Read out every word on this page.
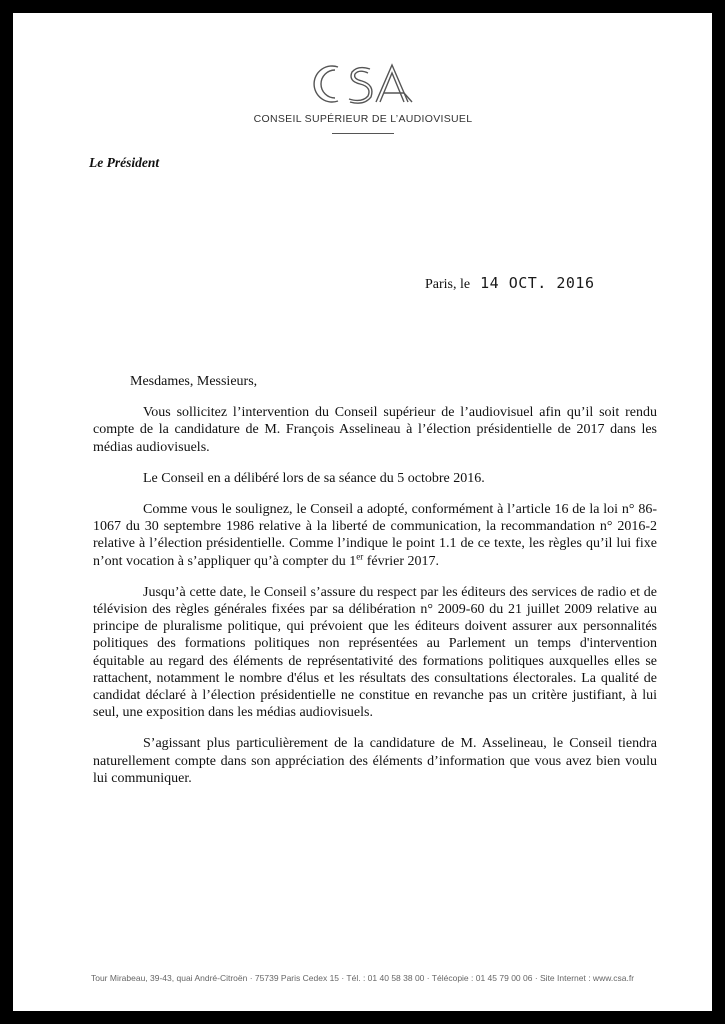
CONSEIL SUPÉRIEUR DE L’AUDIOVISUEL
Le Président
Paris, le 14 OCT. 2016

Mesdames, Messieurs,

Vous sollicitez l’intervention du Conseil supérieur de l’audiovisuel afin qu’il soit rendu compte de la candidature de M. François Asselineau à l’élection présidentielle de 2017 dans les médias audiovisuels.

Le Conseil en a délibéré lors de sa séance du 5 octobre 2016.

Comme vous le soulignez, le Conseil a adopté, conformément à l’article 16 de la loi n° 86-1067 du 30 septembre 1986 relative à la liberté de communication, la recommandation n° 2016-2 relative à l’élection présidentielle. Comme l’indique le point 1.1 de ce texte, les règles qu’il lui fixe n’ont vocation à s’appliquer qu’à compter du 1er février 2017.

Jusqu’à cette date, le Conseil s’assure du respect par les éditeurs des services de radio et de télévision des règles générales fixées par sa délibération n° 2009-60 du 21 juillet 2009 relative au principe de pluralisme politique, qui prévoient que les éditeurs doivent assurer aux personnalités politiques des formations politiques non représentées au Parlement un temps d'intervention équitable au regard des éléments de représentativité des formations politiques auxquelles elles se rattachent, notamment le nombre d'élus et les résultats des consultations électorales. La qualité de candidat déclaré à l’élection présidentielle ne constitue en revanche pas un critère justifiant, à lui seul, une exposition dans les médias audiovisuels.

S’agissant plus particulièrement de la candidature de M. Asselineau, le Conseil tiendra naturellement compte dans son appréciation des éléments d’information que vous avez bien voulu lui communiquer.

Tour Mirabeau, 39-43, quai André-Citroën · 75739 Paris Cedex 15 · Tél. : 01 40 58 38 00 · Télécopie : 01 45 79 00 06 · Site Internet : www.csa.fr
